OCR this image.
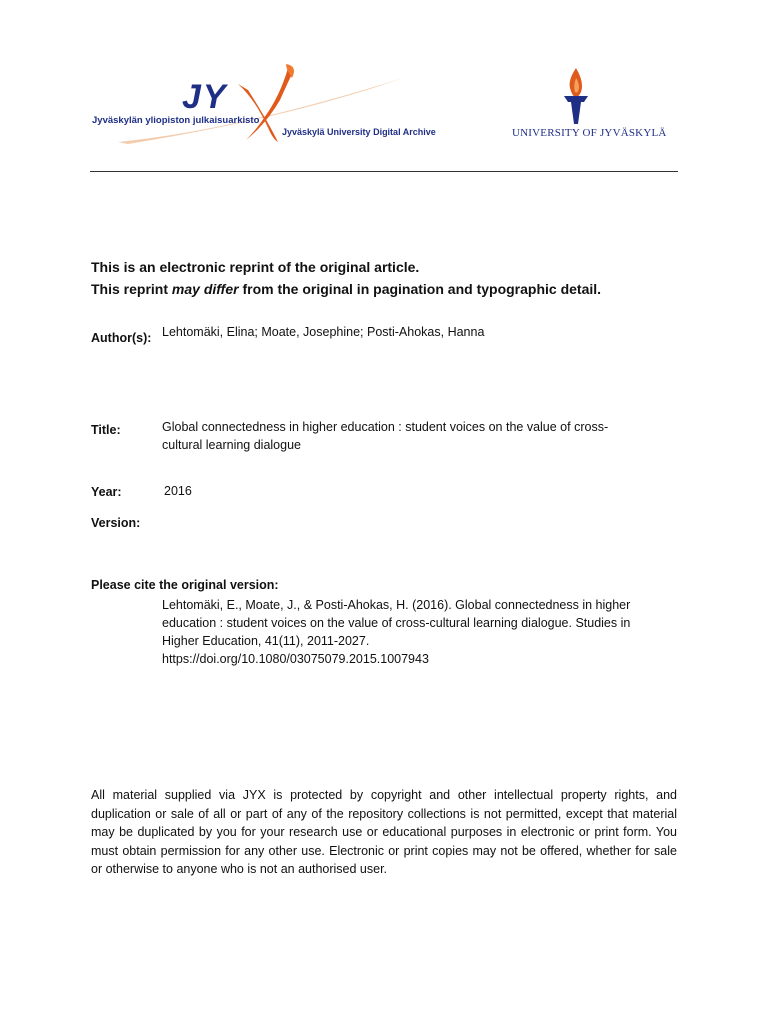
JY
Jyväskylän yliopiston julkaisuarkisto
Jyväskylä University Digital Archive	UNIVERSITY OF JYVÄSKYLÄ
This is an electronic reprint of the original article.
This reprint may differ from the original in pagination and typographic detail.
Author(s): Lehtomäki, Elina; Moate, Josephine; Posti-Ahokas, Hanna
Title:	Global connectedness in higher education : student voices on the value of cross-
cultural learning dialogue
Year:	2016
Version:
Please cite the original version:
Lehtomäki, E., Moate, J., & Posti-Ahokas, H. (2016). Global connectedness in higher
education : student voices on the value of cross-cultural learning dialogue. Studies in
Higher Education, 41(11), 2011-2027.
https://doi.org/10.1080/03075079.2015.1007943
All material supplied via JYX is protected by copyright and other intellectual property rights, and duplication or sale of all or part of any of the repository collections is not permitted, except that material may be duplicated by you for your research use or educational purposes in electronic or print form. You must obtain permission for any other use. Electronic or print copies may not be offered, whether for sale or otherwise to anyone who is not an authorised user.
